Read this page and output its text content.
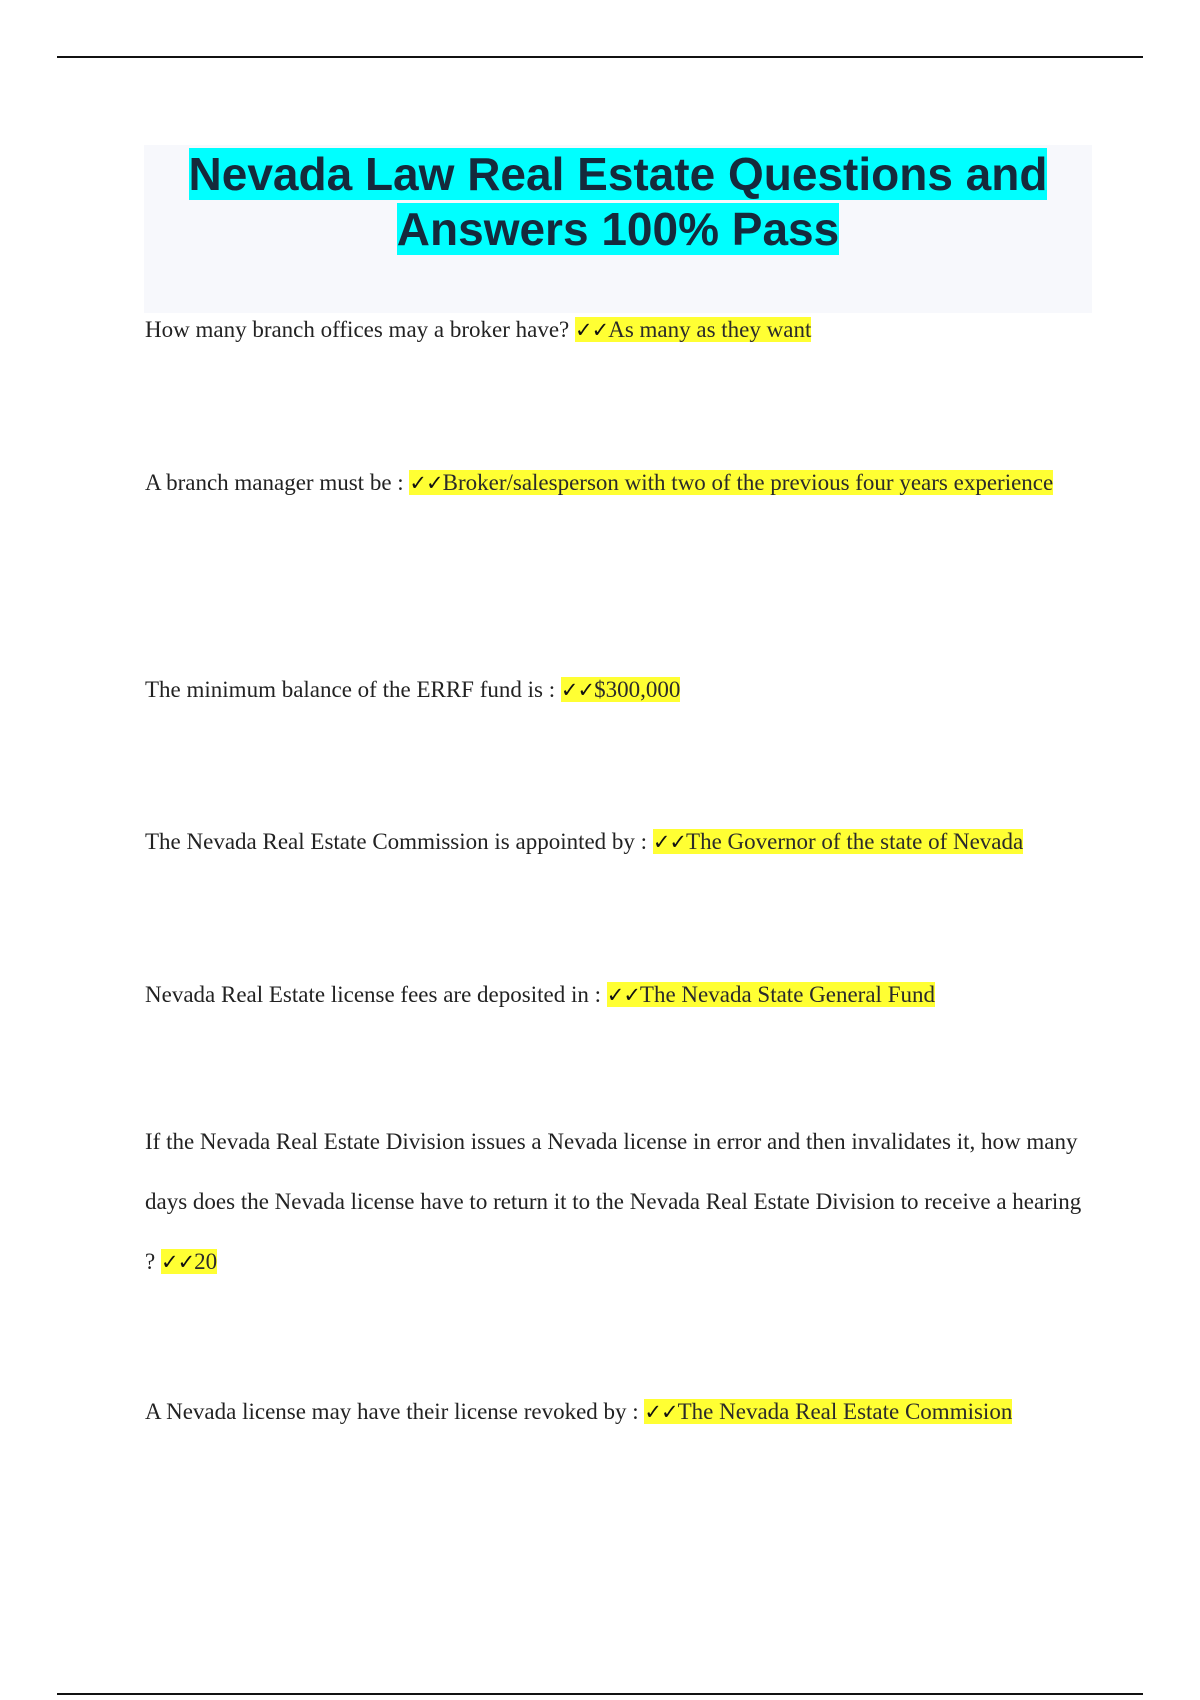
Nevada Law Real Estate Questions and Answers 100% Pass

How many branch offices may a broker have? ✓✓As many as they want

A branch manager must be : ✓✓Broker/salesperson with two of the previous four years experience

The minimum balance of the ERRF fund is : ✓✓$300,000

The Nevada Real Estate Commission is appointed by : ✓✓The Governor of the state of Nevada

Nevada Real Estate license fees are deposited in : ✓✓The Nevada State General Fund

If the Nevada Real Estate Division issues a Nevada license in error and then invalidates it, how many days does the Nevada license have to return it to the Nevada Real Estate Division to receive a hearing ? ✓✓20

A Nevada license may have their license revoked by : ✓✓The Nevada Real Estate Commision
